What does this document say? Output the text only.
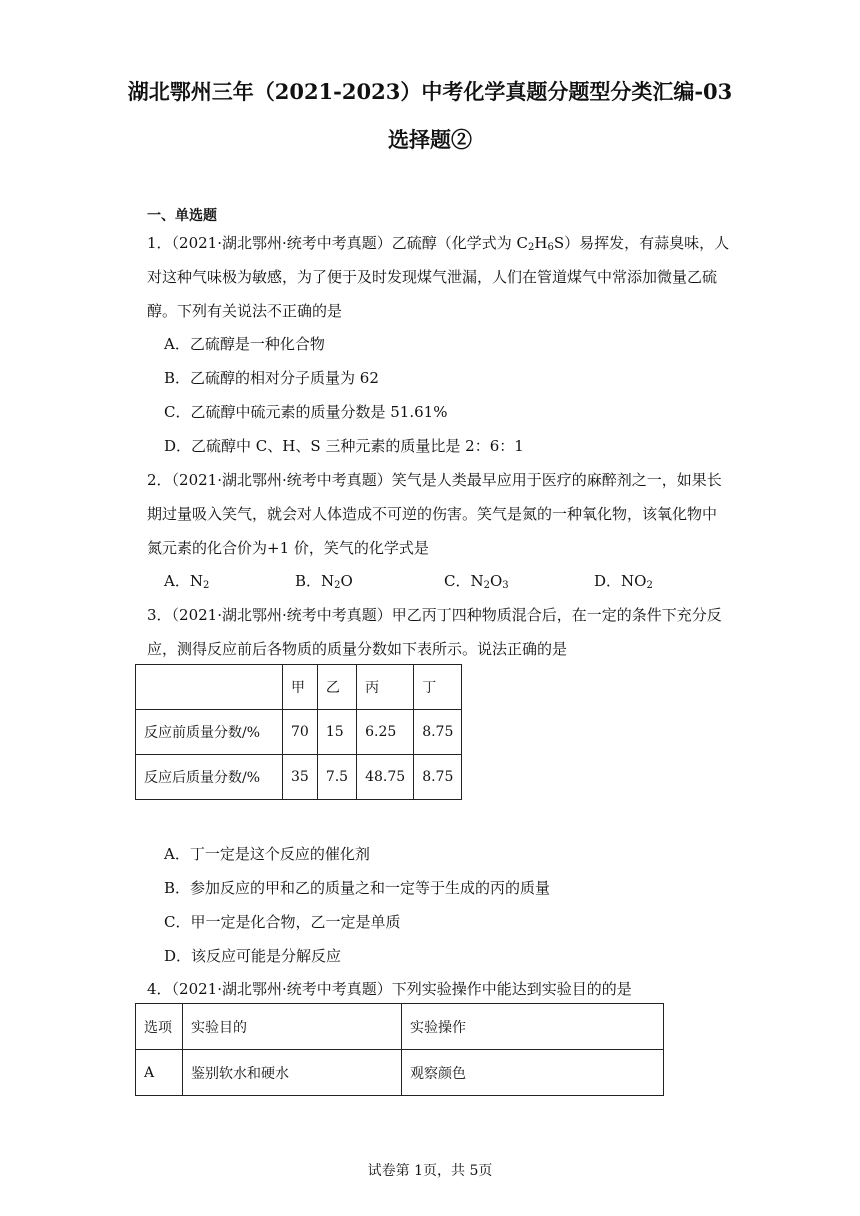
湖北鄂州三年（2021-2023）中考化学真题分题型分类汇编-03
选择题②
一、单选题
1．（2021·湖北鄂州·统考中考真题）乙硫醇（化学式为 $C_2H_6S$）易挥发，有蒜臭味，人
对这种气味极为敏感，为了便于及时发现煤气泄漏，人们在管道煤气中常添加微量乙硫
醇。下列有关说法不正确的是
A．乙硫醇是一种化合物
B．乙硫醇的相对分子质量为 62
C．乙硫醇中硫元素的质量分数是 51.61%
D．乙硫醇中 C、H、S 三种元素的质量比是 2：6：1
2．（2021·湖北鄂州·统考中考真题）笑气是人类最早应用于医疗的麻醉剂之一，如果长
期过量吸入笑气，就会对人体造成不可逆的伤害。笑气是氮的一种氧化物，该氧化物中
氮元素的化合价为+1 价，笑气的化学式是
A．$N_2$	B．$N_2O$	C．$N_2O_3$	D．$NO_2$
3．（2021·湖北鄂州·统考中考真题）甲乙丙丁四种物质混合后，在一定的条件下充分反
应，测得反应前后各物质的质量分数如下表所示。说法正确的是
	甲	乙	丙	丁
反应前质量分数/%	70	15	6.25	8.75
反应后质量分数/%	35	7.5	48.75	8.75
A．丁一定是这个反应的催化剂
B．参加反应的甲和乙的质量之和一定等于生成的丙的质量
C．甲一定是化合物，乙一定是单质
D．该反应可能是分解反应
4．（2021·湖北鄂州·统考中考真题）下列实验操作中能达到实验目的的是
选项	实验目的	实验操作
A	鉴别软水和硬水	观察颜色
试卷第 1页，共 5页
